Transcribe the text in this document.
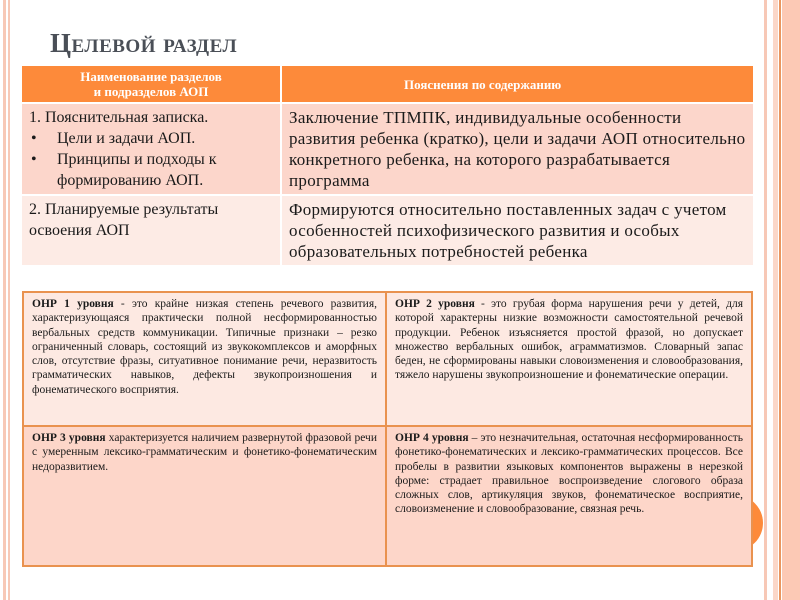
Целевой раздел
Наименование разделов
и подразделов АОП	Пояснения по содержанию

1. Пояснительная записка.
• Цели и задачи АОП.
• Принципы и подходы к формированию АОП.	Заключение ТПМПК, индивидуальные особенности развития ребенка (кратко), цели и задачи АОП относительно конкретного ребенка, на которого разрабатывается программа
2. Планируемые результаты освоения АОП	Формируются относительно поставленных задач с учетом особенностей психофизического развития и особых образовательных потребностей ребенка
ОНР 1 уровня - это крайне низкая степень речевого развития, характеризующаяся практически полной несформированностью вербальных средств коммуникации. Типичные признаки – резко ограниченный словарь, состоящий из звукокомплексов и аморфных слов, отсутствие фразы, ситуативное понимание речи, неразвитость грамматических навыков, дефекты звукопроизношения и фонематического восприятия.
ОНР 2 уровня - это грубая форма нарушения речи у детей, для которой характерны низкие возможности самостоятельной речевой продукции. Ребенок изъясняется простой фразой, но допускает множество вербальных ошибок, аграмматизмов. Словарный запас беден, не сформированы навыки словоизменения и словообразования, тяжело нарушены звукопроизношение и фонематические операции.
ОНР 3 уровня характеризуется наличием развернутой фразовой речи с умеренным лексико-грамматическим и фонетико-фонематическим недоразвитием.
ОНР 4 уровня – это незначительная, остаточная несформированность фонетико-фонематических и лексико-грамматических процессов. Все пробелы в развитии языковых компонентов выражены в нерезкой форме: страдает правильное воспроизведение слогового образа сложных слов, артикуляция звуков, фонематическое восприятие, словоизменение и словообразование, связная речь.
